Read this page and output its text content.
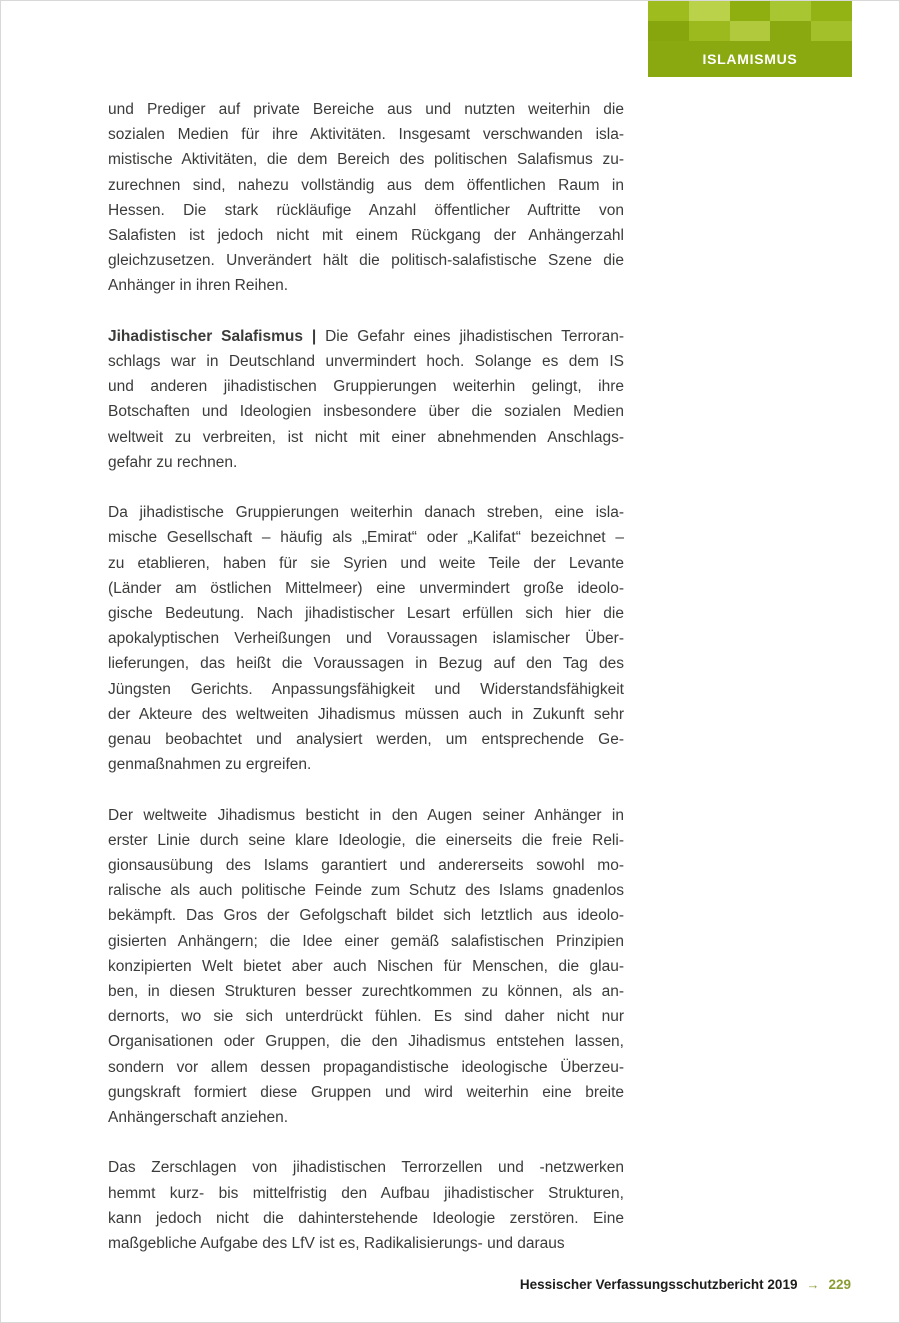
ISLAMISMUS
und Prediger auf private Bereiche aus und nutzten weiterhin die
sozialen Medien für ihre Aktivitäten. Insgesamt verschwanden isla-
mistische Aktivitäten, die dem Bereich des politischen Salafismus zu-
zurechnen sind, nahezu vollständig aus dem öffentlichen Raum in
Hessen. Die stark rückläufige Anzahl öffentlicher Auftritte von
Salafisten ist jedoch nicht mit einem Rückgang der Anhängerzahl
gleichzusetzen. Unverändert hält die politisch-salafistische Szene die
Anhänger in ihren Reihen.
Jihadistischer Salafismus | Die Gefahr eines jihadistischen Terroran-
schlags war in Deutschland unvermindert hoch. Solange es dem IS
und anderen jihadistischen Gruppierungen weiterhin gelingt, ihre
Botschaften und Ideologien insbesondere über die sozialen Medien
weltweit zu verbreiten, ist nicht mit einer abnehmenden Anschlags-
gefahr zu rechnen.
Da jihadistische Gruppierungen weiterhin danach streben, eine isla-
mische Gesellschaft – häufig als „Emirat“ oder „Kalifat“ bezeichnet –
zu etablieren, haben für sie Syrien und weite Teile der Levante
(Länder am östlichen Mittelmeer) eine unvermindert große ideolo-
gische Bedeutung. Nach jihadistischer Lesart erfüllen sich hier die
apokalyptischen Verheißungen und Voraussagen islamischer Über-
lieferungen, das heißt die Voraussagen in Bezug auf den Tag des
Jüngsten Gerichts. Anpassungsfähigkeit und Widerstandsfähigkeit
der Akteure des weltweiten Jihadismus müssen auch in Zukunft sehr
genau beobachtet und analysiert werden, um entsprechende Ge-
genmaßnahmen zu ergreifen.
Der weltweite Jihadismus besticht in den Augen seiner Anhänger in
erster Linie durch seine klare Ideologie, die einerseits die freie Reli-
gionsausübung des Islams garantiert und andererseits sowohl mo-
ralische als auch politische Feinde zum Schutz des Islams gnadenlos
bekämpft. Das Gros der Gefolgschaft bildet sich letztlich aus ideolo-
gisierten Anhängern; die Idee einer gemäß salafistischen Prinzipien
konzipierten Welt bietet aber auch Nischen für Menschen, die glau-
ben, in diesen Strukturen besser zurechtkommen zu können, als an-
dernorts, wo sie sich unterdrückt fühlen. Es sind daher nicht nur
Organisationen oder Gruppen, die den Jihadismus entstehen lassen,
sondern vor allem dessen propagandistische ideologische Überzeu-
gungskraft formiert diese Gruppen und wird weiterhin eine breite
Anhängerschaft anziehen.
Das Zerschlagen von jihadistischen Terrorzellen und -netzwerken
hemmt kurz- bis mittelfristig den Aufbau jihadistischer Strukturen,
kann jedoch nicht die dahinterstehende Ideologie zerstören. Eine
maßgebliche Aufgabe des LfV ist es, Radikalisierungs- und daraus
Hessischer Verfassungsschutzbericht 2019 → 229
